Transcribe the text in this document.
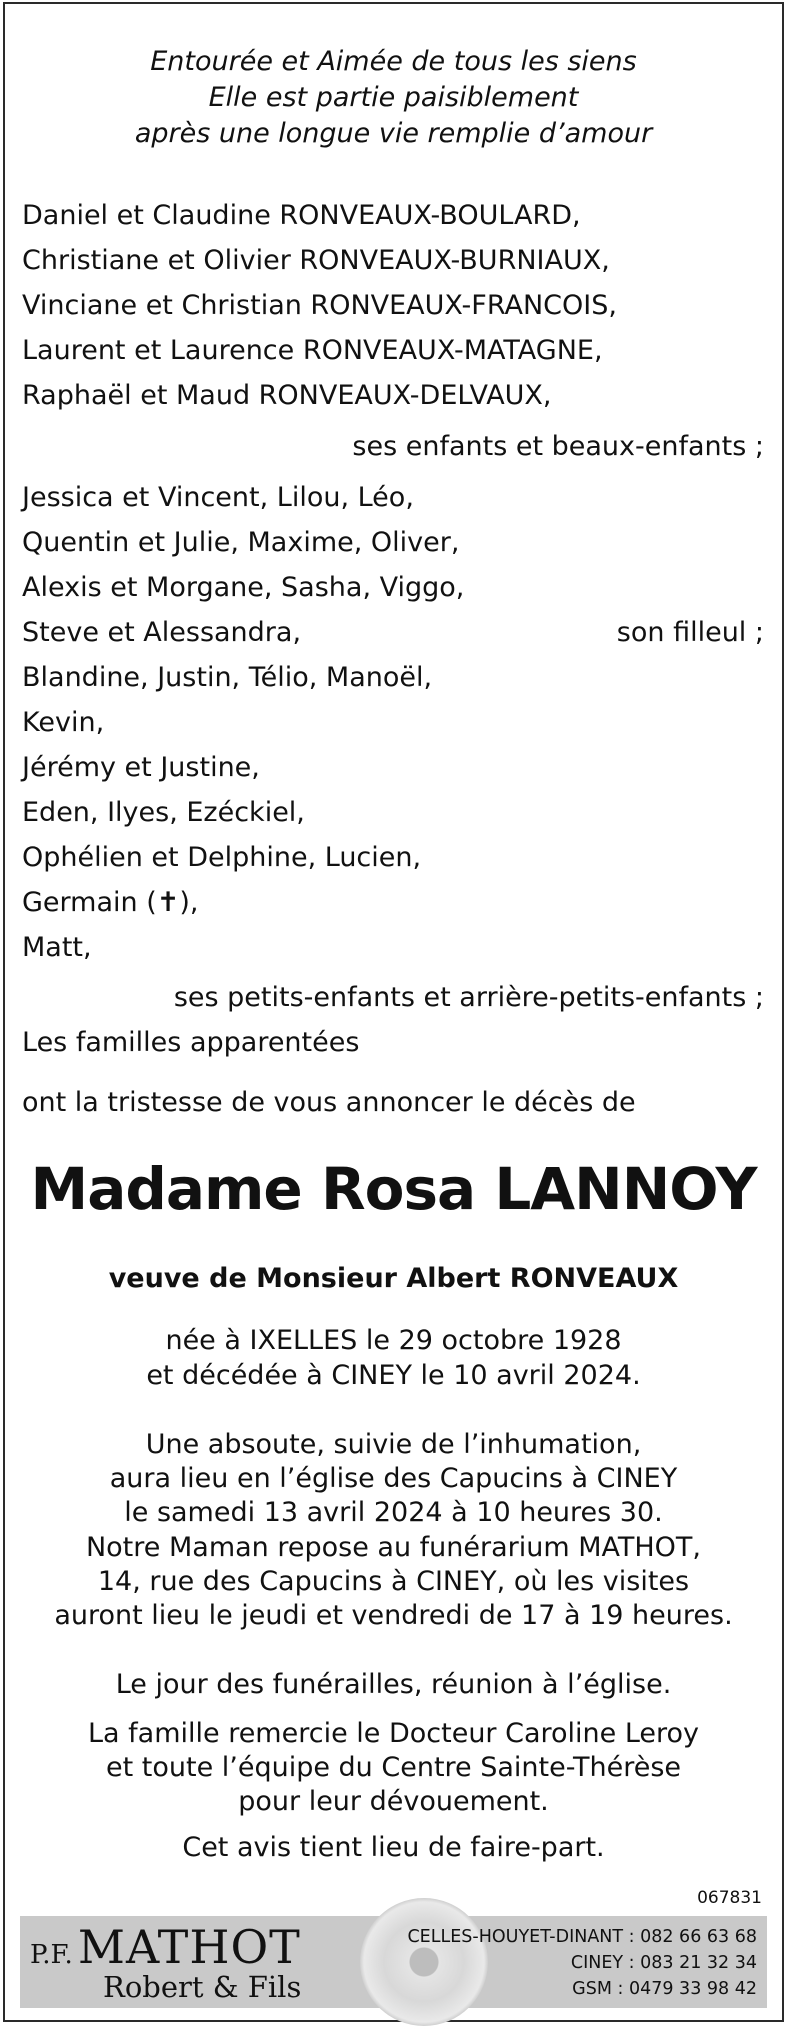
Entourée et Aimée de tous les siens
Elle est partie paisiblement
après une longue vie remplie d’amour
Daniel et Claudine RONVEAUX-BOULARD,
Christiane et Olivier RONVEAUX-BURNIAUX,
Vinciane et Christian RONVEAUX-FRANCOIS,
Laurent et Laurence RONVEAUX-MATAGNE,
Raphaël et Maud RONVEAUX-DELVAUX,
ses enfants et beaux-enfants ;
Jessica et Vincent, Lilou, Léo,
Quentin et Julie, Maxime, Oliver,
Alexis et Morgane, Sasha, Viggo,
Steve et Alessandra,	son filleul ;
Blandine, Justin, Télio, Manoël,
Kevin,
Jérémy et Justine,
Eden, Ilyes, Ezéckiel,
Ophélien et Delphine, Lucien,
Germain (✝),
Matt,
ses petits-enfants et arrière-petits-enfants ;
Les familles apparentées
ont la tristesse de vous annoncer le décès de
Madame Rosa LANNOY
veuve de Monsieur Albert RONVEAUX
née à IXELLES le 29 octobre 1928
et décédée à CINEY le 10 avril 2024.
Une absoute, suivie de l’inhumation,
aura lieu en l’église des Capucins à CINEY
le samedi 13 avril 2024 à 10 heures 30.
Notre Maman repose au funérarium MATHOT,
14, rue des Capucins à CINEY, où les visites
auront lieu le jeudi et vendredi de 17 à 19 heures.
Le jour des funérailles, réunion à l’église.
La famille remercie le Docteur Caroline Leroy
et toute l’équipe du Centre Sainte-Thérèse
pour leur dévouement.
Cet avis tient lieu de faire-part.
067831
P.F. MATHOT
Robert & Fils
CELLES-HOUYET-DINANT : 082 66 63 68
CINEY : 083 21 32 34
GSM : 0479 33 98 42
